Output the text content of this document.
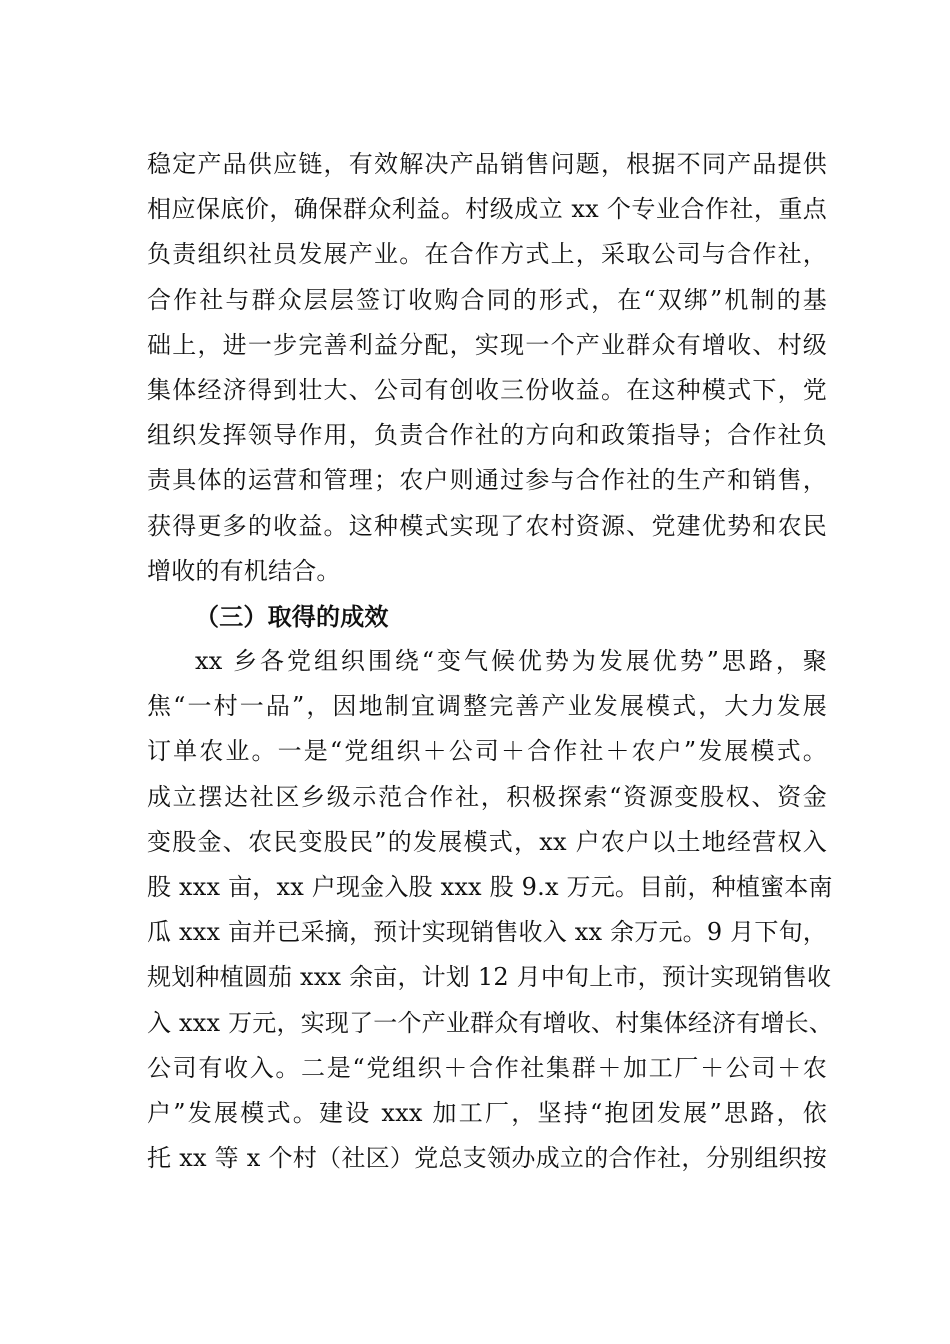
稳定产品供应链，有效解决产品销售问题，根据不同产品提供
相应保底价，确保群众利益。村级成立 xx 个专业合作社，重点
负责组织社员发展产业。在合作方式上，采取公司与合作社，
合作社与群众层层签订收购合同的形式，在“双绑”机制的基
础上，进一步完善利益分配，实现一个产业群众有增收、村级
集体经济得到壮大、公司有创收三份收益。在这种模式下，党
组织发挥领导作用，负责合作社的方向和政策指导；合作社负
责具体的运营和管理；农户则通过参与合作社的生产和销售，
获得更多的收益。这种模式实现了农村资源、党建优势和农民
增收的有机结合。
（三）取得的成效
xx 乡各党组织围绕“变气候优势为发展优势”思路，聚
焦“一村一品”，因地制宜调整完善产业发展模式，大力发展
订单农业。一是“党组织＋公司＋合作社＋农户”发展模式。
成立摆达社区乡级示范合作社，积极探索“资源变股权、资金
变股金、农民变股民”的发展模式，xx 户农户以土地经营权入
股 xxx 亩，xx 户现金入股 xxx 股 9.x 万元。目前，种植蜜本南
瓜 xxx 亩并已采摘，预计实现销售收入 xx 余万元。9 月下旬，
规划种植圆茄 xxx 余亩，计划 12 月中旬上市，预计实现销售收
入 xxx 万元，实现了一个产业群众有增收、村集体经济有增长、
公司有收入。二是“党组织＋合作社集群＋加工厂＋公司＋农
户”发展模式。建设 xxx 加工厂，坚持“抱团发展”思路，依
托 xx 等 x 个村（社区）党总支领办成立的合作社，分别组织按
